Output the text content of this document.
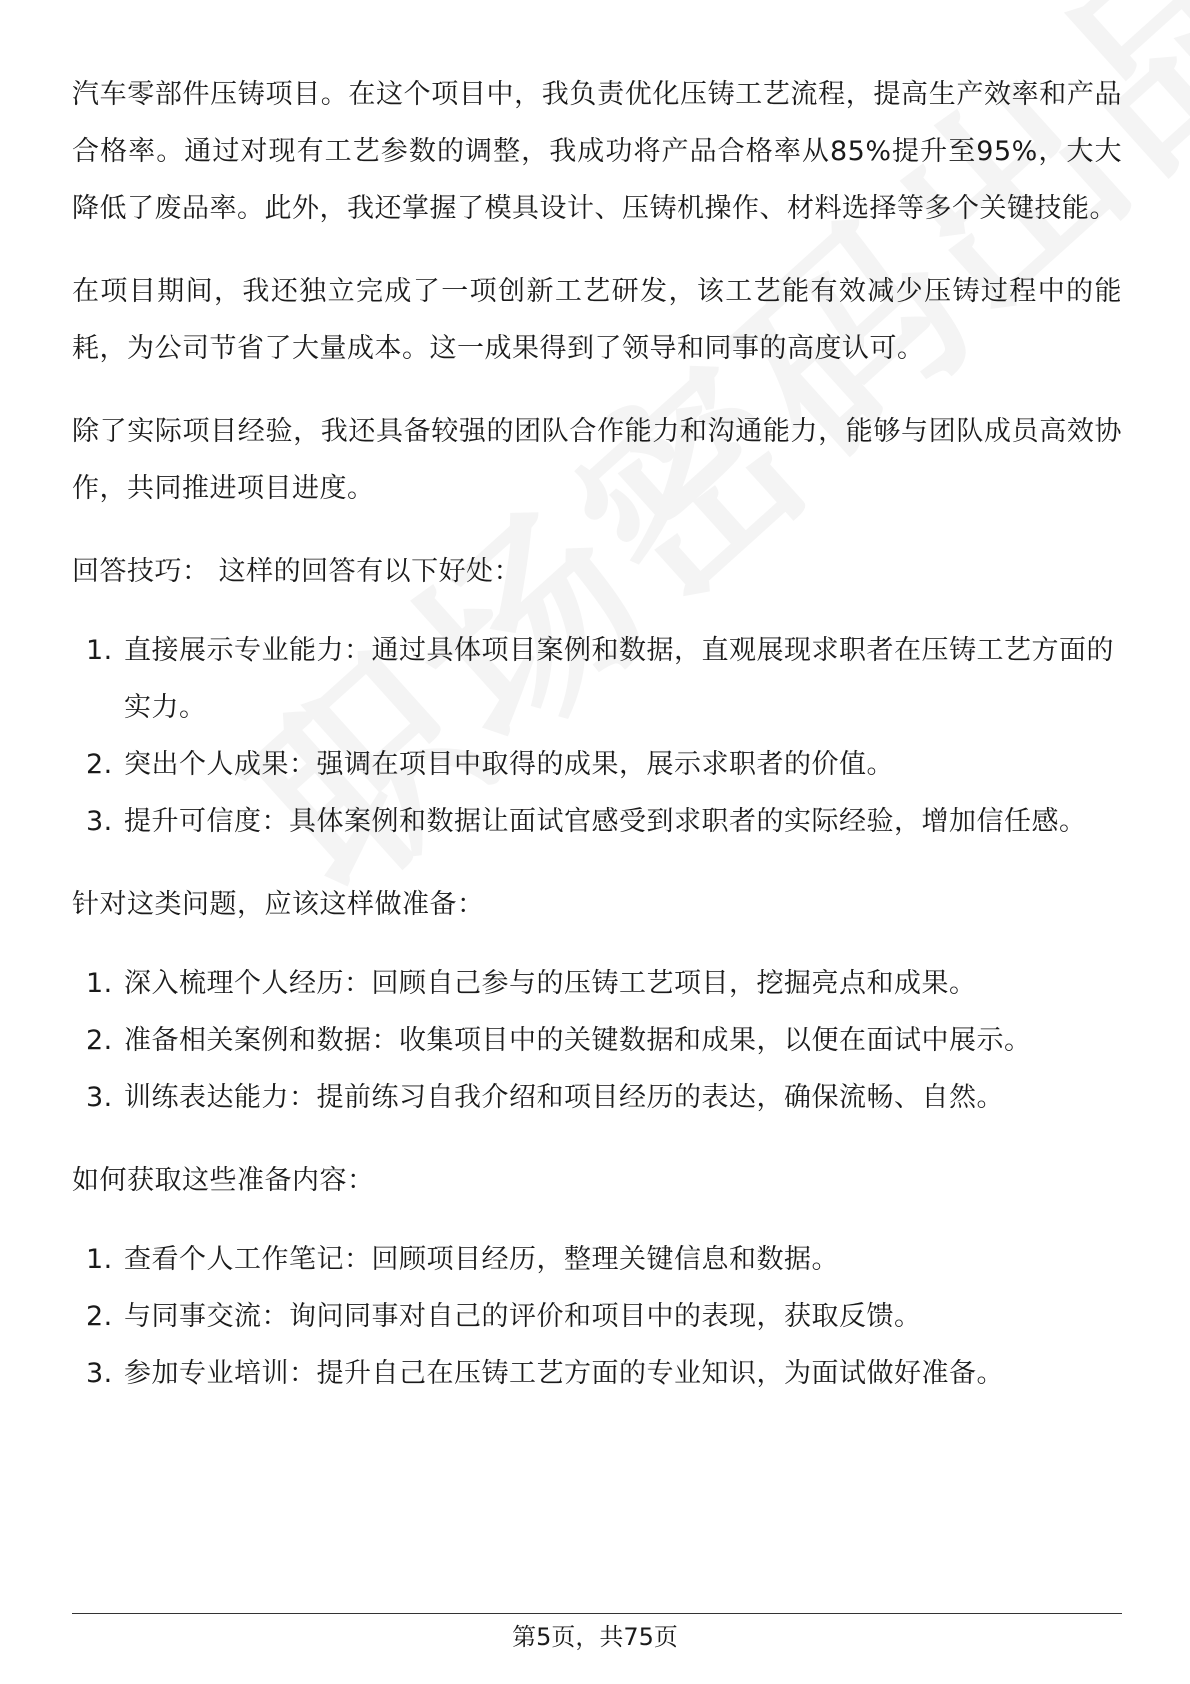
汽车零部件压铸项目。在这个项目中，我负责优化压铸工艺流程，提高生产效率和产品合格率。通过对现有工艺参数的调整，我成功将产品合格率从85%提升至95%，大大降低了废品率。此外，我还掌握了模具设计、压铸机操作、材料选择等多个关键技能。

在项目期间，我还独立完成了一项创新工艺研发，该工艺能有效减少压铸过程中的能耗，为公司节省了大量成本。这一成果得到了领导和同事的高度认可。

除了实际项目经验，我还具备较强的团队合作能力和沟通能力，能够与团队成员高效协作，共同推进项目进度。

回答技巧： 这样的回答有以下好处：

1. 直接展示专业能力：通过具体项目案例和数据，直观展现求职者在压铸工艺方面的实力。
2. 突出个人成果：强调在项目中取得的成果，展示求职者的价值。
3. 提升可信度：具体案例和数据让面试官感受到求职者的实际经验，增加信任感。

针对这类问题，应该这样做准备：

1. 深入梳理个人经历：回顾自己参与的压铸工艺项目，挖掘亮点和成果。
2. 准备相关案例和数据：收集项目中的关键数据和成果，以便在面试中展示。
3. 训练表达能力：提前练习自我介绍和项目经历的表达，确保流畅、自然。

如何获取这些准备内容：

1. 查看个人工作笔记：回顾项目经历，整理关键信息和数据。
2. 与同事交流：询问同事对自己的评价和项目中的表现，获取反馈。
3. 参加专业培训：提升自己在压铸工艺方面的专业知识，为面试做好准备。
第5页，共75页
